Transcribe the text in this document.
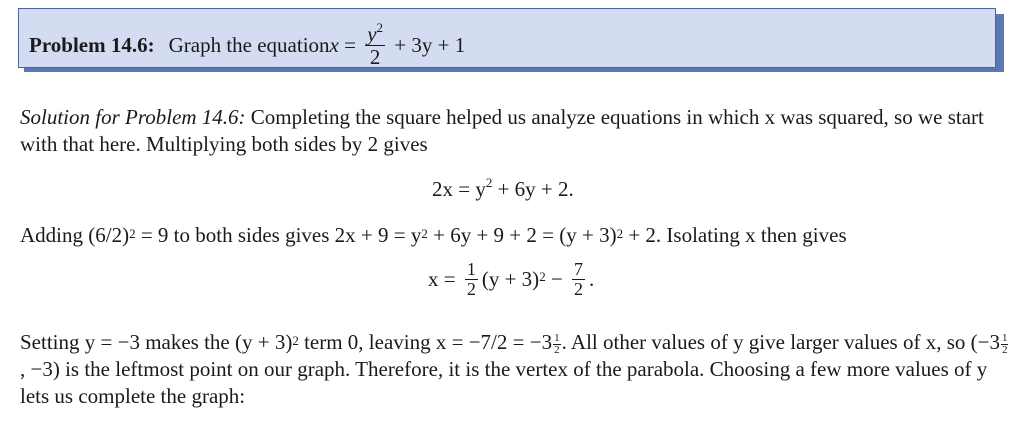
Problem 14.6: Graph the equation $x = \frac{y^2}{2} + 3y + 1$
Solution for Problem 14.6: Completing the square helped us analyze equations in which x was squared, so we start with that here. Multiplying both sides by 2 gives
$2x = y^2 + 6y + 2$.
Adding $(6/2)^2 = 9$ to both sides gives $2x + 9 = y^2 + 6y + 9 + 2 = (y + 3)^2 + 2$. Isolating x then gives
$x = \frac{1}{2} (y + 3)^2 - \frac{7}{2}$ .
Setting y = −3 makes the $(y + 3)^2$ term 0, leaving $x = -7/2 = -3 \frac{1}{2}$ . All other values of y give larger values of x, so ($-3 \frac{1}{2}$
, −3) is the leftmost point on our graph. Therefore, it is the vertex of the parabola. Choosing a few more values of y lets us complete the graph:
